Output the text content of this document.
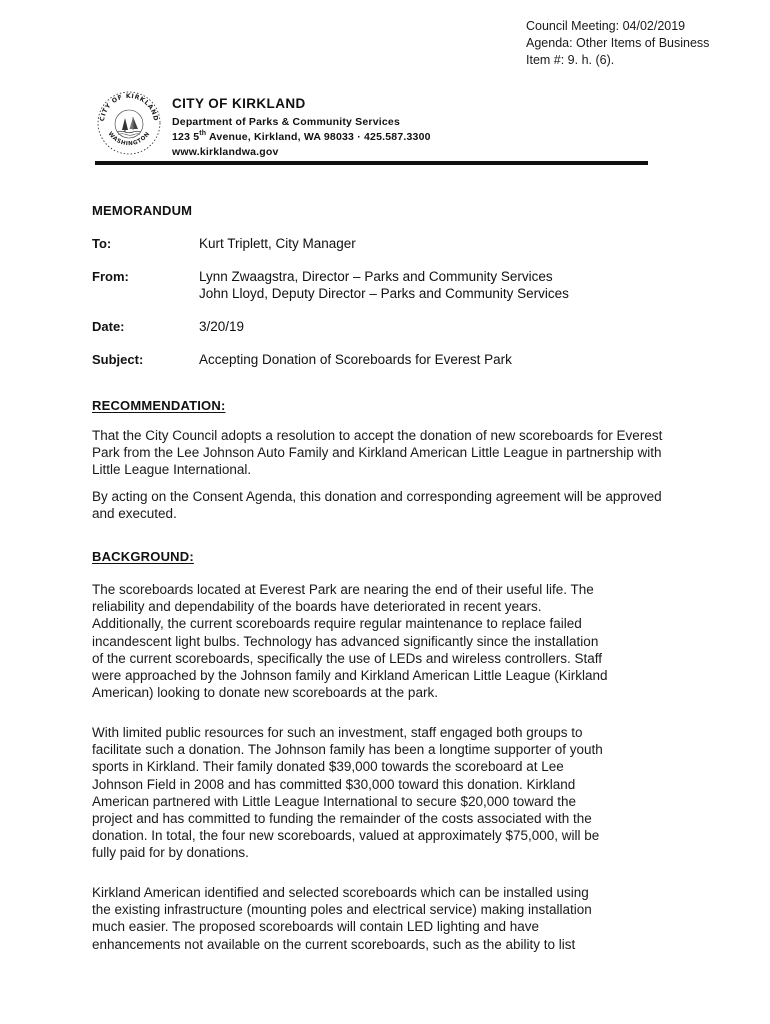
Council Meeting: 04/02/2019
Agenda: Other Items of Business
Item #: 9. h. (6).
CITY OF KIRKLAND
WASHINGTON
CITY OF KIRKLAND
Department of Parks & Community Services
123 5th Avenue, Kirkland, WA 98033 · 425.587.3300
www.kirklandwa.gov
MEMORANDUM
To:	Kurt Triplett, City Manager
From:	Lynn Zwaagstra, Director – Parks and Community Services
John Lloyd, Deputy Director – Parks and Community Services
Date:	3/20/19
Subject:	Accepting Donation of Scoreboards for Everest Park
RECOMMENDATION:
That the City Council adopts a resolution to accept the donation of new scoreboards for Everest
Park from the Lee Johnson Auto Family and Kirkland American Little League in partnership with
Little League International.
By acting on the Consent Agenda, this donation and corresponding agreement will be approved
and executed.
BACKGROUND:
The scoreboards located at Everest Park are nearing the end of their useful life. The
reliability and dependability of the boards have deteriorated in recent years.
Additionally, the current scoreboards require regular maintenance to replace failed
incandescent light bulbs. Technology has advanced significantly since the installation
of the current scoreboards, specifically the use of LEDs and wireless controllers. Staff
were approached by the Johnson family and Kirkland American Little League (Kirkland
American) looking to donate new scoreboards at the park.
With limited public resources for such an investment, staff engaged both groups to
facilitate such a donation. The Johnson family has been a longtime supporter of youth
sports in Kirkland. Their family donated $39,000 towards the scoreboard at Lee
Johnson Field in 2008 and has committed $30,000 toward this donation. Kirkland
American partnered with Little League International to secure $20,000 toward the
project and has committed to funding the remainder of the costs associated with the
donation. In total, the four new scoreboards, valued at approximately $75,000, will be
fully paid for by donations.
Kirkland American identified and selected scoreboards which can be installed using
the existing infrastructure (mounting poles and electrical service) making installation
much easier. The proposed scoreboards will contain LED lighting and have
enhancements not available on the current scoreboards, such as the ability to list
